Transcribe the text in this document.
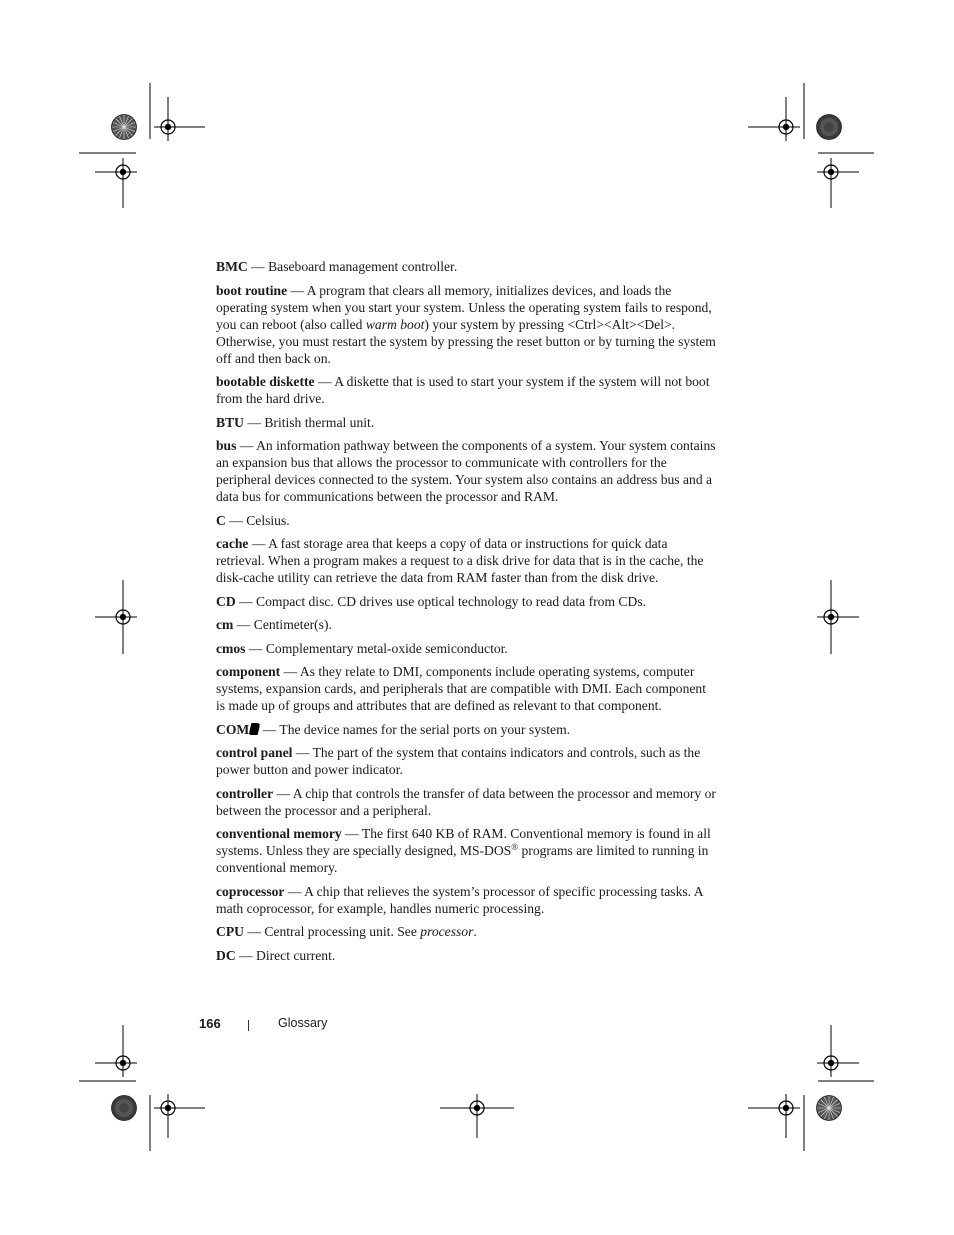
BMC — Baseboard management controller.

boot routine — A program that clears all memory, initializes devices, and loads the operating system when you start your system. Unless the operating system fails to respond, you can reboot (also called warm boot) your system by pressing <Ctrl><Alt><Del>. Otherwise, you must restart the system by pressing the reset button or by turning the system off and then back on.

bootable diskette — A diskette that is used to start your system if the system will not boot from the hard drive.

BTU — British thermal unit.

bus — An information pathway between the components of a system. Your system contains an expansion bus that allows the processor to communicate with controllers for the peripheral devices connected to the system. Your system also contains an address bus and a data bus for communications between the processor and RAM.

C — Celsius.

cache — A fast storage area that keeps a copy of data or instructions for quick data retrieval. When a program makes a request to a disk drive for data that is in the cache, the disk-cache utility can retrieve the data from RAM faster than from the disk drive.

CD — Compact disc. CD drives use optical technology to read data from CDs.

cm — Centimeter(s).

cmos — Complementary metal-oxide semiconductor.

component — As they relate to DMI, components include operating systems, computer systems, expansion cards, and peripherals that are compatible with DMI. Each component is made up of groups and attributes that are defined as relevant to that component.

COM — The device names for the serial ports on your system.

control panel — The part of the system that contains indicators and controls, such as the power button and power indicator.

controller — A chip that controls the transfer of data between the processor and memory or between the processor and a peripheral.

conventional memory — The first 640 KB of RAM. Conventional memory is found in all systems. Unless they are specially designed, MS-DOS® programs are limited to running in conventional memory.

coprocessor — A chip that relieves the system’s processor of specific processing tasks. A math coprocessor, for example, handles numeric processing.

CPU — Central processing unit. See processor.

DC — Direct current.

166	Glossary
